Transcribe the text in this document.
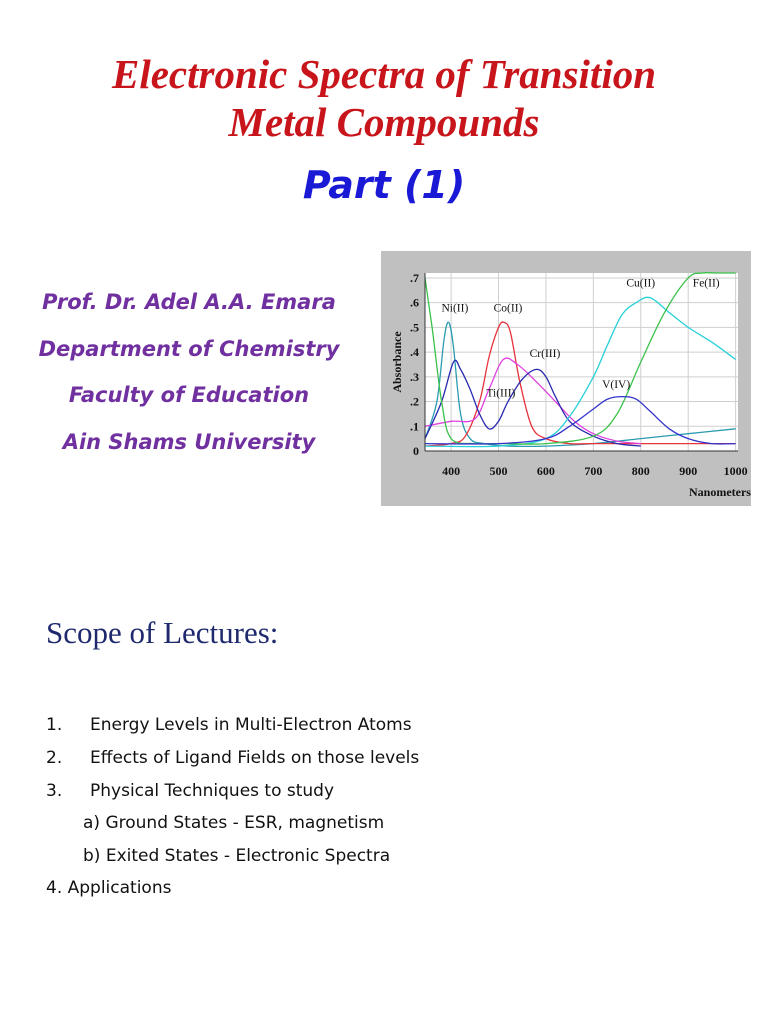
Electronic Spectra of Transition
Metal Compounds
Part (1)
Prof. Dr. Adel A.A. Emara
Department of Chemistry
Faculty of Education
Ain Shams University
400 500 600 700 800 900 1000
0
.1
.2
.3
.4
.5
.6
.7
Absorbance
Nanometers
Ni(II) Co(II)
Ti(III)
Cr(III)
Cu(II)	Fe(II)
V(IV)
Scope of Lectures:
1. Energy Levels in Multi-Electron Atoms
2. Effects of Ligand Fields on those levels
3. Physical Techniques to study
a) Ground States - ESR, magnetism
b) Exited States - Electronic Spectra
4. Applications
